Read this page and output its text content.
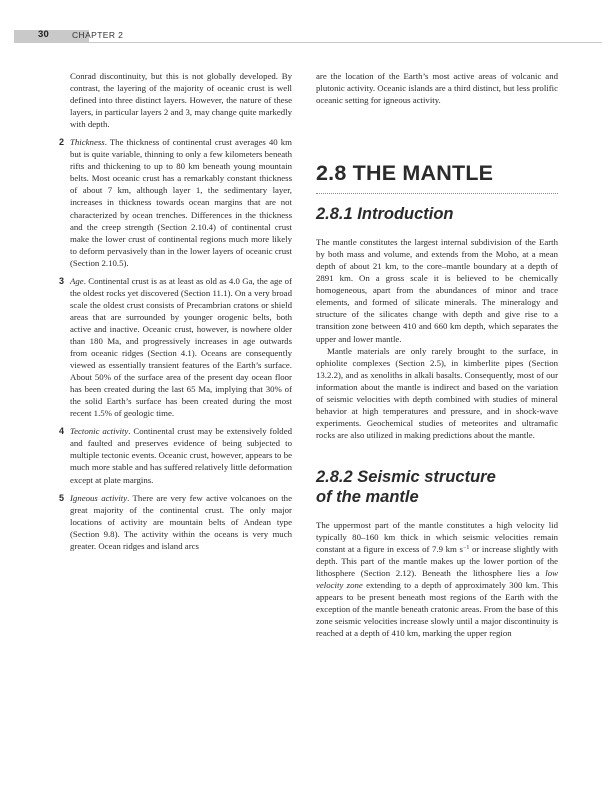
30	CHAPTER 2

Conrad discontinuity, but this is not globally developed. By contrast, the layering of the majority of oceanic crust is well defined into three distinct layers. However, the nature of these layers, in particular layers 2 and 3, may change quite markedly with depth.

2 Thickness. The thickness of continental crust averages 40 km but is quite variable, thinning to only a few kilometers beneath rifts and thickening to up to 80 km beneath young mountain belts. Most oceanic crust has a remarkably constant thickness of about 7 km, although layer 1, the sedimentary layer, increases in thickness towards ocean margins that are not characterized by ocean trenches. Differences in the thickness and the creep strength (Section 2.10.4) of continental crust make the lower crust of continental regions much more likely to deform pervasively than in the lower layers of oceanic crust (Section 2.10.5).

3 Age. Continental crust is as at least as old as 4.0 Ga, the age of the oldest rocks yet discovered (Section 11.1). On a very broad scale the oldest crust consists of Precambrian cratons or shield areas that are surrounded by younger orogenic belts, both active and inactive. Oceanic crust, however, is nowhere older than 180 Ma, and progressively increases in age outwards from oceanic ridges (Section 4.1). Oceans are consequently viewed as essentially transient features of the Earth’s surface. About 50% of the surface area of the present day ocean floor has been created during the last 65 Ma, implying that 30% of the solid Earth’s surface has been created during the most recent 1.5% of geologic time.

4 Tectonic activity. Continental crust may be extensively folded and faulted and preserves evidence of being subjected to multiple tectonic events. Oceanic crust, however, appears to be much more stable and has suffered relatively little deformation except at plate margins.

5 Igneous activity. There are very few active volcanoes on the great majority of the continental crust. The only major locations of activity are mountain belts of Andean type (Section 9.8). The activity within the oceans is very much greater. Ocean ridges and island arcs

are the location of the Earth’s most active areas of volcanic and plutonic activity. Oceanic islands are a third distinct, but less prolific oceanic setting for igneous activity.

2.8 THE MANTLE
2.8.1 Introduction

The mantle constitutes the largest internal subdivision of the Earth by both mass and volume, and extends from the Moho, at a mean depth of about 21 km, to the core–mantle boundary at a depth of 2891 km. On a gross scale it is believed to be chemically homogeneous, apart from the abundances of minor and trace elements, and formed of silicate minerals. The mineralogy and structure of the silicates change with depth and give rise to a transition zone between 410 and 660 km depth, which separates the upper and lower mantle.

Mantle materials are only rarely brought to the surface, in ophiolite complexes (Section 2.5), in kimberlite pipes (Section 13.2.2), and as xenoliths in alkali basalts. Consequently, most of our information about the mantle is indirect and based on the variation of seismic velocities with depth combined with studies of mineral behavior at high temperatures and pressure, and in shock-wave experiments. Geochemical studies of meteorites and ultramafic rocks are also utilized in making predictions about the mantle.

2.8.2 Seismic structure
of the mantle

The uppermost part of the mantle constitutes a high velocity lid typically 80–160 km thick in which seismic velocities remain constant at a figure in excess of 7.9 km $s^{-1}$ or increase slightly with depth. This part of the mantle makes up the lower portion of the lithosphere (Section 2.12). Beneath the lithosphere lies a low velocity zone extending to a depth of approximately 300 km. This appears to be present beneath most regions of the Earth with the exception of the mantle beneath cratonic areas. From the base of this zone seismic velocities increase slowly until a major discontinuity is reached at a depth of 410 km, marking the upper region
